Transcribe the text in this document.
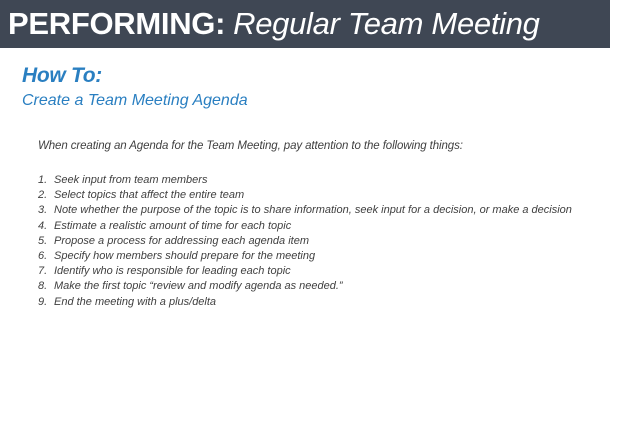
PERFORMING: Regular Team Meeting
How To:
Create a Team Meeting Agenda
When creating an Agenda for the Team Meeting, pay attention to the following things:
1. Seek input from team members
2. Select topics that affect the entire team
3. Note whether the purpose of the topic is to share information, seek input for a decision, or make a decision
4. Estimate a realistic amount of time for each topic
5. Propose a process for addressing each agenda item
6. Specify how members should prepare for the meeting
7. Identify who is responsible for leading each topic
8. Make the first topic “review and modify agenda as needed.”
9. End the meeting with a plus/delta
